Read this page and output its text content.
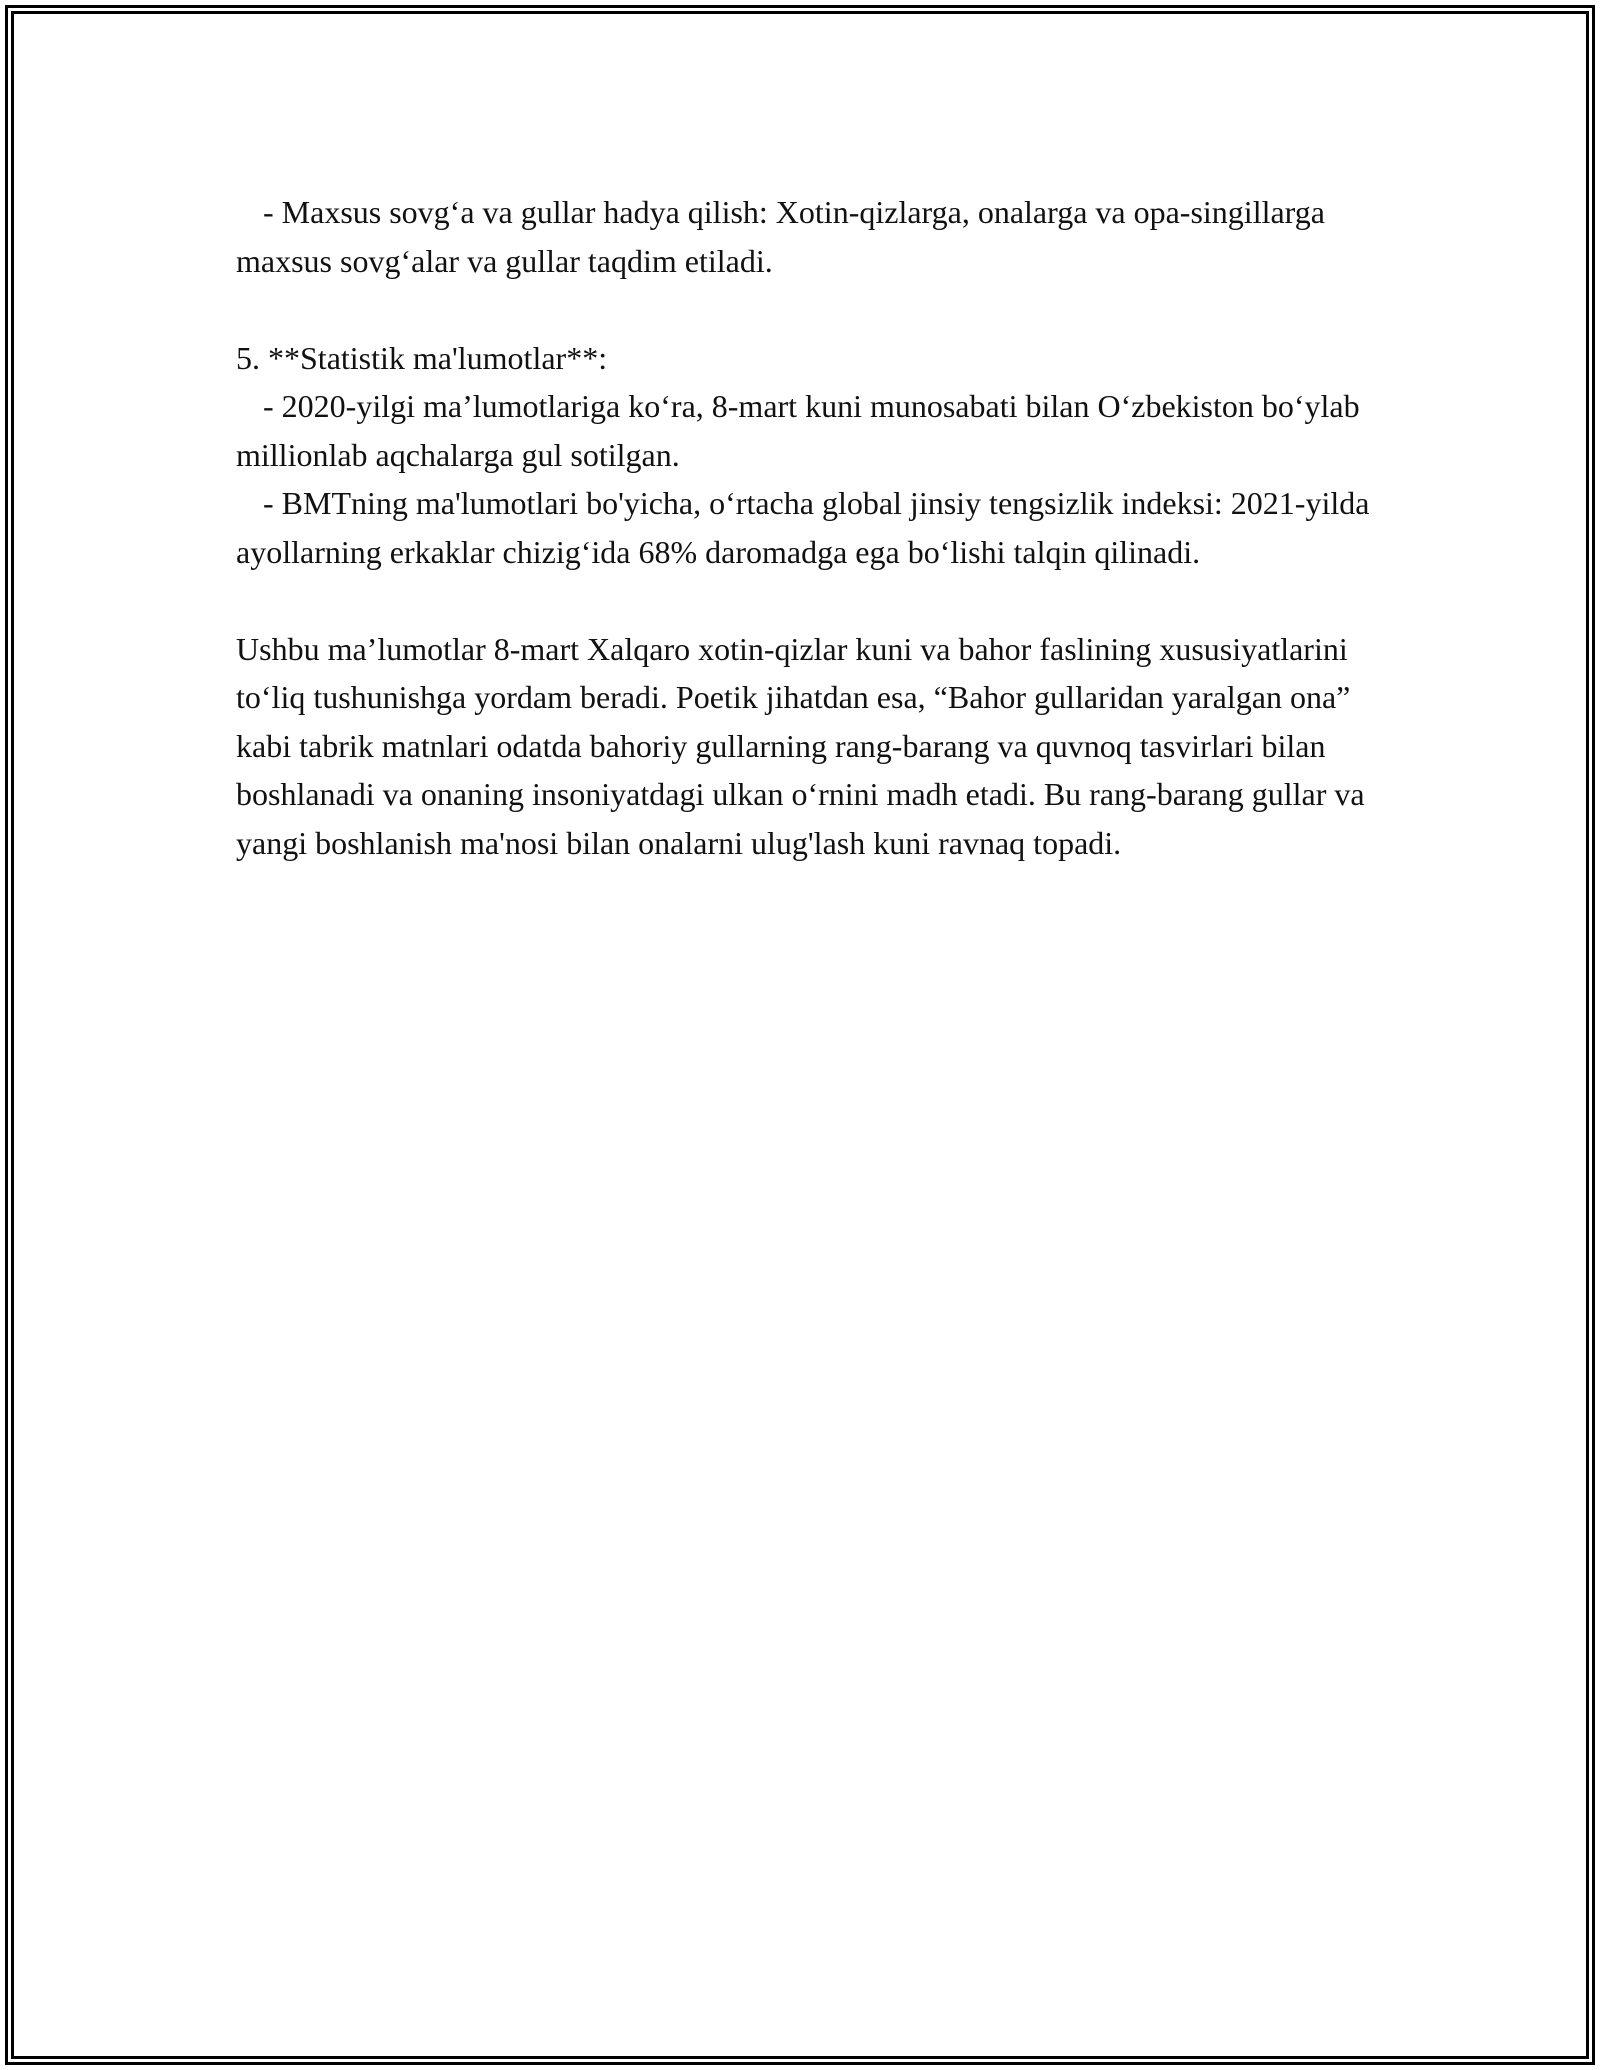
- Maxsus sovg‘a va gullar hadya qilish: Xotin-qizlarga, onalarga va opa-singillarga maxsus sovg‘alar va gullar taqdim etiladi.

5. **Statistik ma'lumotlar**:

- 2020-yilgi ma’lumotlariga ko‘ra, 8-mart kuni munosabati bilan O‘zbekiston bo‘ylab millionlab aqchalarga gul sotilgan.

- BMTning ma'lumotlari bo'yicha, o‘rtacha global jinsiy tengsizlik indeksi: 2021-yilda ayollarning erkaklar chizig‘ida 68% daromadga ega bo‘lishi talqin qilinadi.

Ushbu ma’lumotlar 8-mart Xalqaro xotin-qizlar kuni va bahor faslining xususiyatlarini to‘liq tushunishga yordam beradi. Poetik jihatdan esa, “Bahor gullaridan yaralgan ona” kabi tabrik matnlari odatda bahoriy gullarning rang-barang va quvnoq tasvirlari bilan boshlanadi va onaning insoniyatdagi ulkan o‘rnini madh etadi. Bu rang-barang gullar va yangi boshlanish ma'nosi bilan onalarni ulug'lash kuni ravnaq topadi.
